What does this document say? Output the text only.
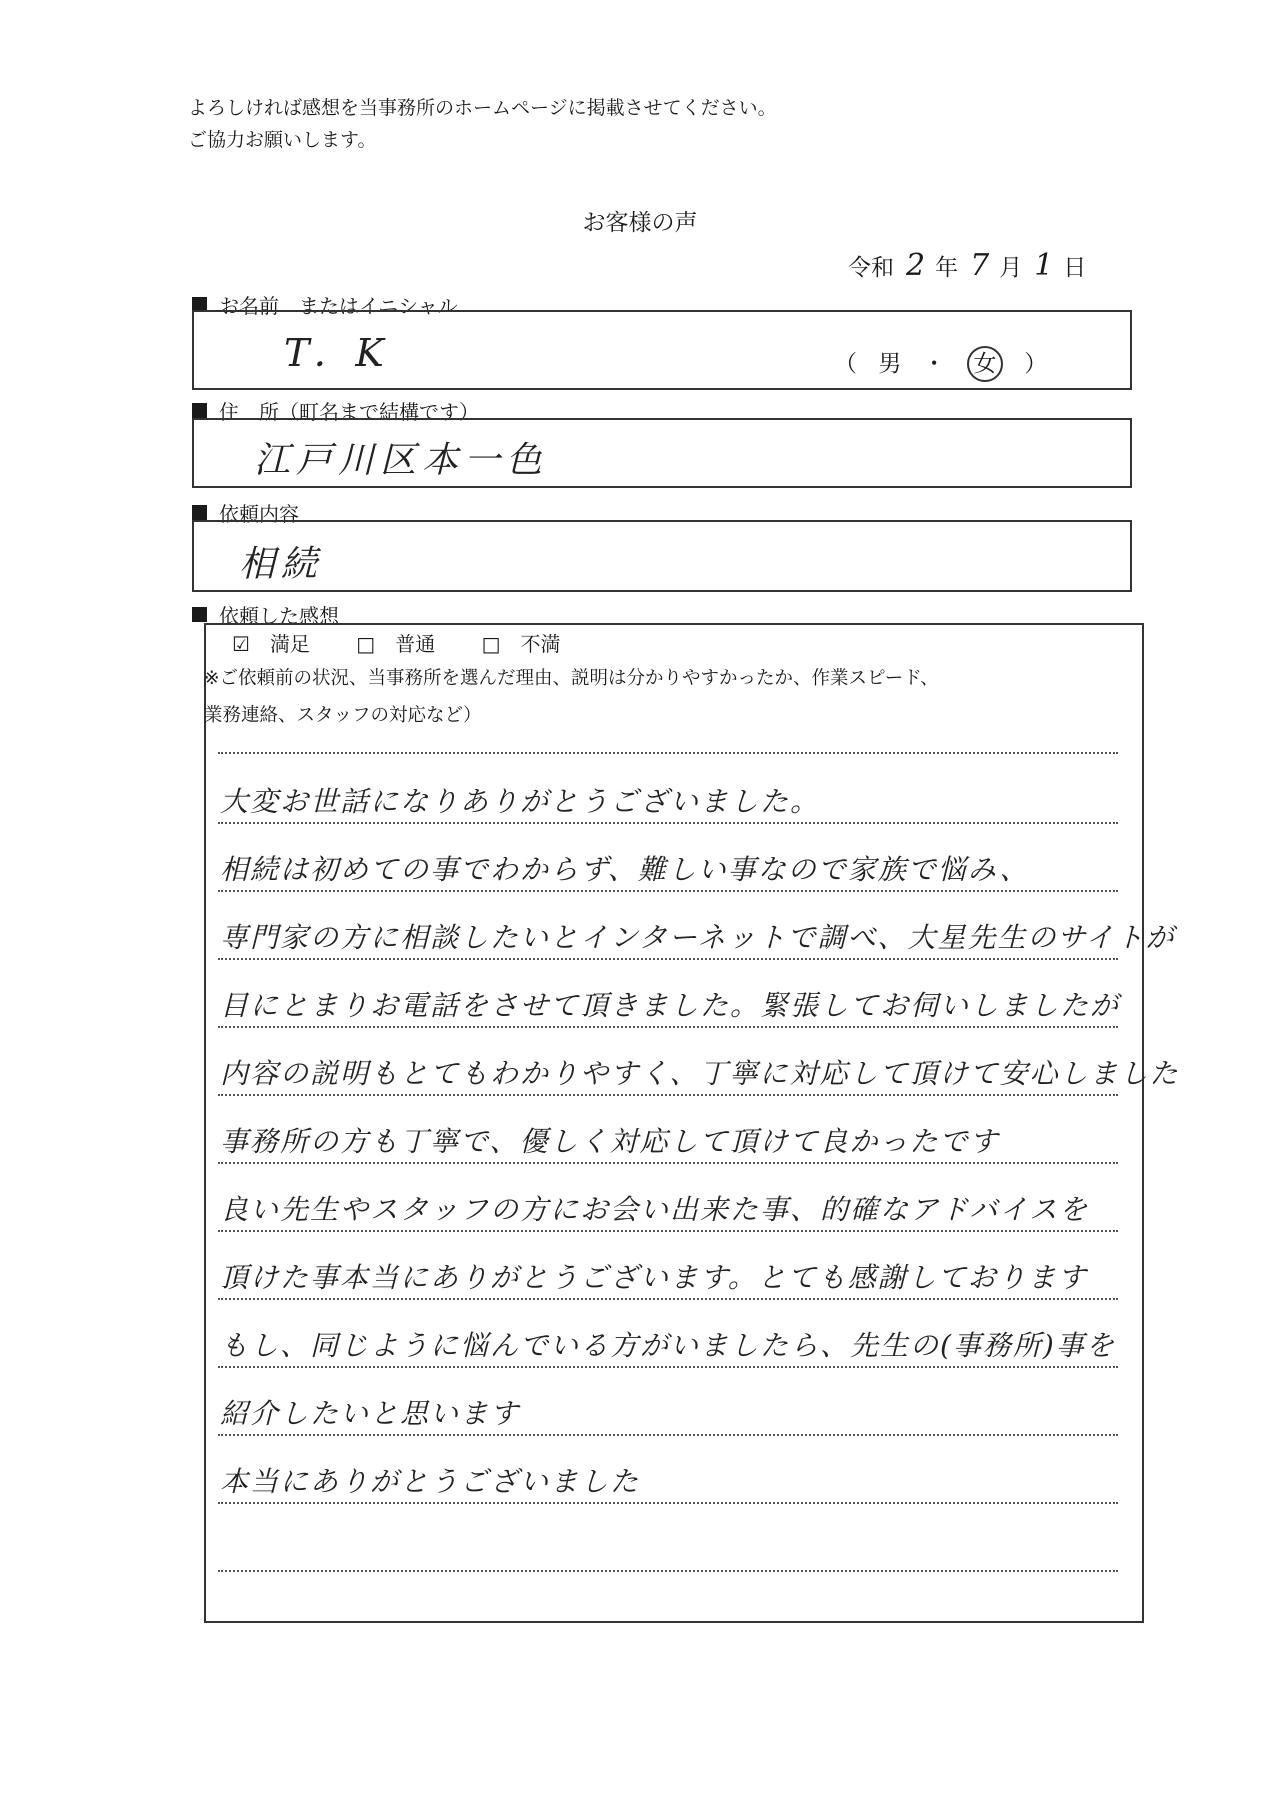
よろしければ感想を当事務所のホームページに掲載させてください。
ご協力お願いします。
お客様の声
令和 2 年 7 月 1 日
お名前　またはイニシャル
T．K	（ 男 ・ 女 ）
住　所（町名まで結構です）
江戸川区本一色
依頼内容
相続
依頼した感想
☑ 満足 □ 普通 □ 不満
※ご依頼前の状況、当事務所を選んだ理由、説明は分かりやすかったか、作業スピード、
業務連絡、スタッフの対応など）
大変お世話になりありがとうございました。
相続は初めての事でわからず、難しい事なので家族で悩み、
専門家の方に相談したいとインターネットで調べ、大星先生のサイトが
目にとまりお電話をさせて頂きました。緊張してお伺いしましたが
内容の説明もとてもわかりやすく、丁寧に対応して頂けて安心しました
事務所の方も丁寧で、優しく対応して頂けて良かったです
良い先生やスタッフの方にお会い出来た事、的確なアドバイスを
頂けた事本当にありがとうございます。とても感謝しております
もし、同じように悩んでいる方がいましたら、先生の(事務所)事を
紹介したいと思います
本当にありがとうございました
